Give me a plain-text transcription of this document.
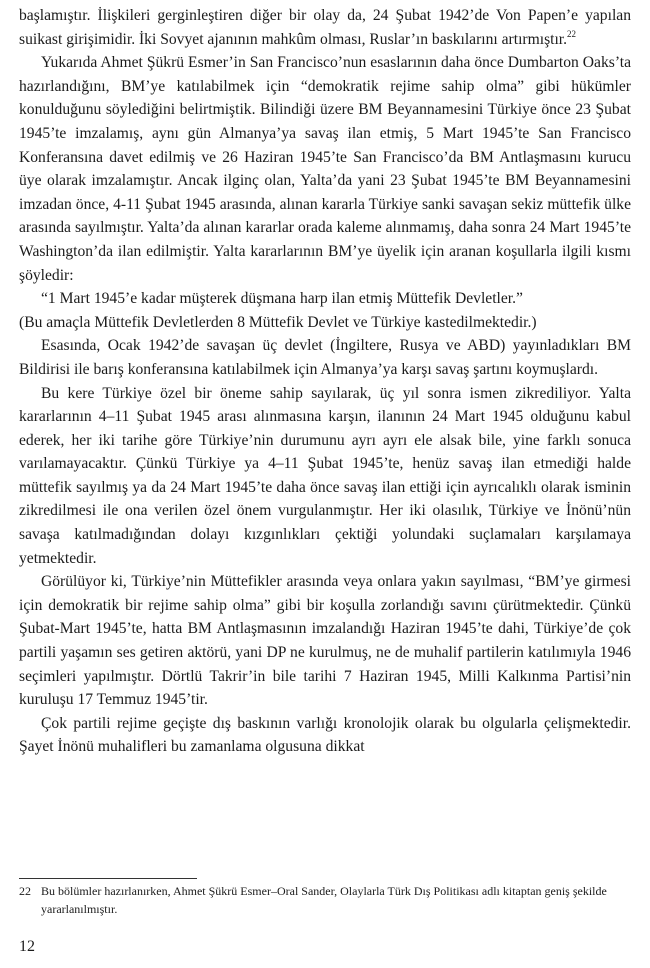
başlamıştır. İlişkileri gerginleştiren diğer bir olay da, 24 Şubat 1942’de Von Papen’e yapılan suikast girişimidir. İki Sovyet ajanının mahkûm olması, Ruslar’ın baskılarını artırmıştır.$^{22}$

Yukarıda Ahmet Şükrü Esmer’in San Francisco’nun esaslarının daha önce Dumbarton Oaks’ta hazırlandığını, BM’ye katılabilmek için “demokratik rejime sahip olma” gibi hükümler konulduğunu söylediğini belirtmiştik. Bilindiği üzere BM Beyannamesini Türkiye önce 23 Şubat 1945’te imzalamış, aynı gün Almanya’ya savaş ilan etmiş, 5 Mart 1945’te San Francisco Konferansına davet edilmiş ve 26 Haziran 1945’te San Francisco’da BM Antlaşmasını kurucu üye olarak imzalamıştır. Ancak ilginç olan, Yalta’da yani 23 Şubat 1945’te BM Beyannamesini imzadan önce, 4-11 Şubat 1945 arasında, alınan kararla Türkiye sanki savaşan sekiz müttefik ülke arasında sayılmıştır. Yalta’da alınan kararlar orada kaleme alınmamış, daha sonra 24 Mart 1945’te Washington’da ilan edilmiştir. Yalta kararlarının BM’ye üyelik için aranan koşullarla ilgili kısmı şöyledir:

“1 Mart 1945’e kadar müşterek düşmana harp ilan etmiş Müttefik Devletler.”

(Bu amaçla Müttefik Devletlerden 8 Müttefik Devlet ve Türkiye kastedilmektedir.)

Esasında, Ocak 1942’de savaşan üç devlet (İngiltere, Rusya ve ABD) yayınladıkları BM Bildirisi ile barış konferansına katılabilmek için Almanya’ya karşı savaş şartını koymuşlardı.

Bu kere Türkiye özel bir öneme sahip sayılarak, üç yıl sonra ismen zikrediliyor. Yalta kararlarının 4–11 Şubat 1945 arası alınmasına karşın, ilanının 24 Mart 1945 olduğunu kabul ederek, her iki tarihe göre Türkiye’nin durumunu ayrı ayrı ele alsak bile, yine farklı sonuca varılamayacaktır. Çünkü Türkiye ya 4–11 Şubat 1945’te, henüz savaş ilan etmediği halde müttefik sayılmış ya da 24 Mart 1945’te daha önce savaş ilan ettiği için ayrıcalıklı olarak isminin zikredilmesi ile ona verilen özel önem vurgulanmıştır. Her iki olasılık, Türkiye ve İnönü’nün savaşa katılmadığından dolayı kızgınlıkları çektiği yolundaki suçlamaları karşılamaya yetmektedir.

Görülüyor ki, Türkiye’nin Müttefikler arasında veya onlara yakın sayılması, “BM’ye girmesi için demokratik bir rejime sahip olma” gibi bir koşulla zorlandığı savını çürütmektedir. Çünkü Şubat-Mart 1945’te, hatta BM Antlaşmasının imzalandığı Haziran 1945’te dahi, Türkiye’de çok partili yaşamın ses getiren aktörü, yani DP ne kurulmuş, ne de muhalif partilerin katılımıyla 1946 seçimleri yapılmıştır. Dörtlü Takrir’in bile tarihi 7 Haziran 1945, Milli Kalkınma Partisi’nin kuruluşu 17 Temmuz 1945’tir.

Çok partili rejime geçişte dış baskının varlığı kronolojik olarak bu olgularla çelişmektedir. Şayet İnönü muhalifleri bu zamanlama olgusuna dikkat

22 Bu bölümler hazırlanırken, Ahmet Şükrü Esmer–Oral Sander, Olaylarla Türk Dış Politikası adlı kitaptan geniş şekilde yararlanılmıştır.
12
